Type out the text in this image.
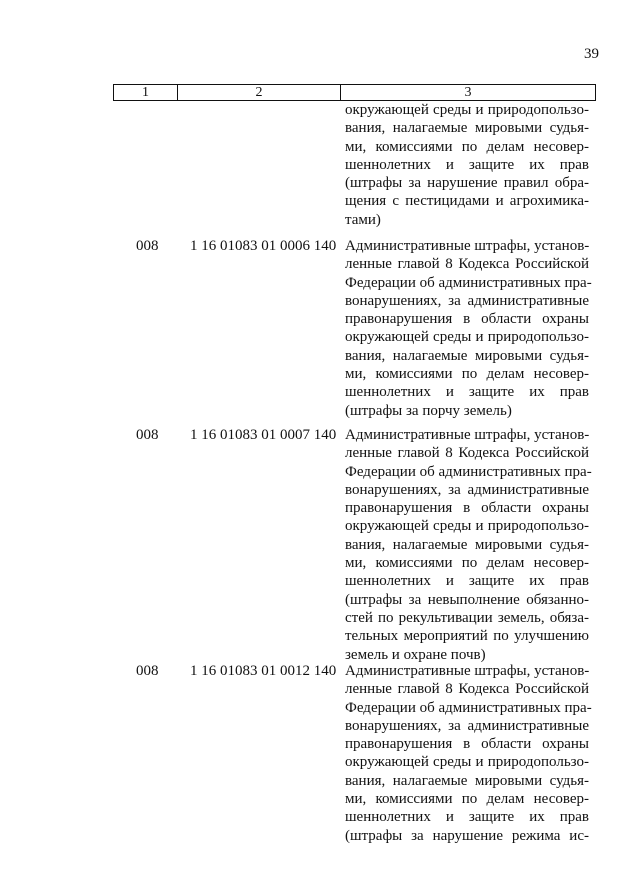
39
1	2	3
окружающей среды и природопользо-
вания, налагаемые мировыми судья-
ми, комиссиями по делам несовер-
шеннолетних и защите их прав
(штрафы за нарушение правил обра-
щения с пестицидами и агрохимика-
тами)
008 1 16 01083 01 0006 140 Административные штрафы, установ-
ленные главой 8 Кодекса Российской
Федерации об административных пра-
вонарушениях, за административные
правонарушения в области охраны
окружающей среды и природопользо-
вания, налагаемые мировыми судья-
ми, комиссиями по делам несовер-
шеннолетних и защите их прав
(штрафы за порчу земель)
008 1 16 01083 01 0007 140 Административные штрафы, установ-
ленные главой 8 Кодекса Российской
Федерации об административных пра-
вонарушениях, за административные
правонарушения в области охраны
окружающей среды и природопользо-
вания, налагаемые мировыми судья-
ми, комиссиями по делам несовер-
шеннолетних и защите их прав
(штрафы за невыполнение обязанно-
стей по рекультивации земель, обяза-
тельных мероприятий по улучшению
земель и охране почв)
008 1 16 01083 01 0012 140 Административные штрафы, установ-
ленные главой 8 Кодекса Российской
Федерации об административных пра-
вонарушениях, за административные
правонарушения в области охраны
окружающей среды и природопользо-
вания, налагаемые мировыми судья-
ми, комиссиями по делам несовер-
шеннолетних и защите их прав
(штрафы за нарушение режима ис-
